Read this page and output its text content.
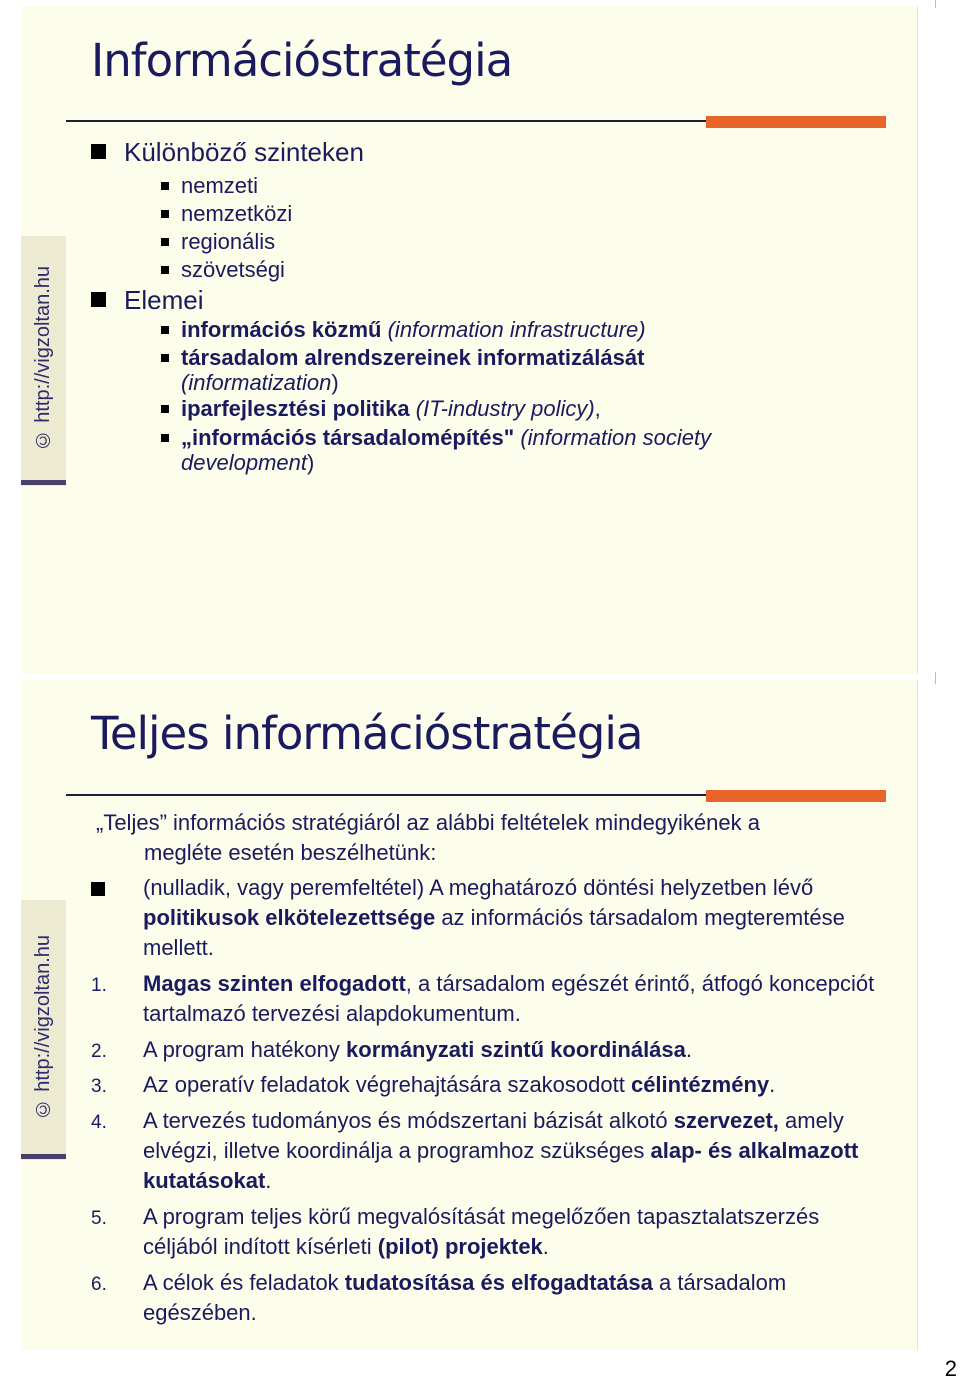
© http://vigzoltan.hu
Információstratégia
Különböző szinteken
nemzeti
nemzetközi
regionális
szövetségi
Elemei
információs közmű (information infrastructure)
társadalom alrendszereinek informatizálását (informatization)
iparfejlesztési politika (IT-industry policy),
„információs társadalomépítés" (information society development)
© http://vigzoltan.hu
Teljes információstratégia
„Teljes” információs stratégiáról az alábbi feltételek mindegyikének a
megléte esetén beszélhetünk:
(nulladik, vagy peremfeltétel) A meghatározó döntési helyzetben lévő politikusok elkötelezettsége az információs társadalom megteremtése mellett.
1. Magas szinten elfogadott, a társadalom egészét érintő, átfogó koncepciót tartalmazó tervezési alapdokumentum.
2. A program hatékony kormányzati szintű koordinálása.
3. Az operatív feladatok végrehajtására szakosodott célintézmény.
4. A tervezés tudományos és módszertani bázisát alkotó szervezet, amely elvégzi, illetve koordinálja a programhoz szükséges alap- és alkalmazott kutatásokat.
5. A program teljes körű megvalósítását megelőzően tapasztalatszerzés céljából indított kísérleti (pilot) projektek.
6. A célok és feladatok tudatosítása és elfogadtatása a társadalom egészében.
2
